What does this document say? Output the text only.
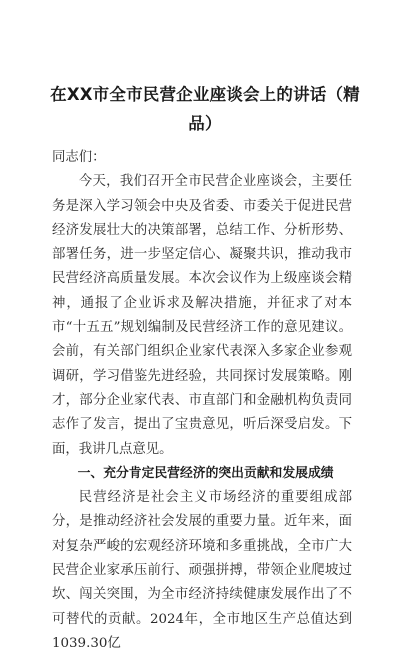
在XX市全市民营企业座谈会上的讲话（精品）

同志们：

今天，我们召开全市民营企业座谈会，主要任务是深入学习领会中央及省委、市委关于促进民营经济发展壮大的决策部署，总结工作、分析形势、部署任务，进一步坚定信心、凝聚共识，推动我市民营经济高质量发展。本次会议作为上级座谈会精神，通报了企业诉求及解决措施，并征求了对本市“十五五”规划编制及民营经济工作的意见建议。会前，有关部门组织企业家代表深入多家企业参观调研，学习借鉴先进经验，共同探讨发展策略。刚才，部分企业家代表、市直部门和金融机构负责同志作了发言，提出了宝贵意见，听后深受启发。下面，我讲几点意见。

一、充分肯定民营经济的突出贡献和发展成绩

民营经济是社会主义市场经济的重要组成部分，是推动经济社会发展的重要力量。近年来，面对复杂严峻的宏观经济环境和多重挑战，全市广大民营企业家承压前行、顽强拼搏，带领企业爬坡过坎、闯关突围，为全市经济持续健康发展作出了不可替代的贡献。2024年，全市地区生产总值达到1039.30亿
